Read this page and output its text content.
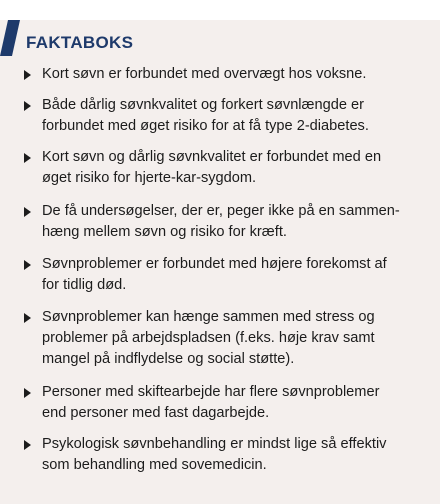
FAKTABOKS
Kort søvn er forbundet med overvægt hos voksne.
Både dårlig søvnkvalitet og forkert søvnlængde er
forbundet med øget risiko for at få type 2-diabetes.
Kort søvn og dårlig søvnkvalitet er forbundet med en
øget risiko for hjerte-kar-sygdom.
De få undersøgelser, der er, peger ikke på en sammen-
hæng mellem søvn og risiko for kræft.
Søvnproblemer er forbundet med højere forekomst af
for tidlig død.
Søvnproblemer kan hænge sammen med stress og
problemer på arbejdspladsen (f.eks. høje krav samt
mangel på indflydelse og social støtte).
Personer med skiftearbejde har flere søvnproblemer
end personer med fast dagarbejde.
Psykologisk søvnbehandling er mindst lige så effektiv
som behandling med sovemedicin.
